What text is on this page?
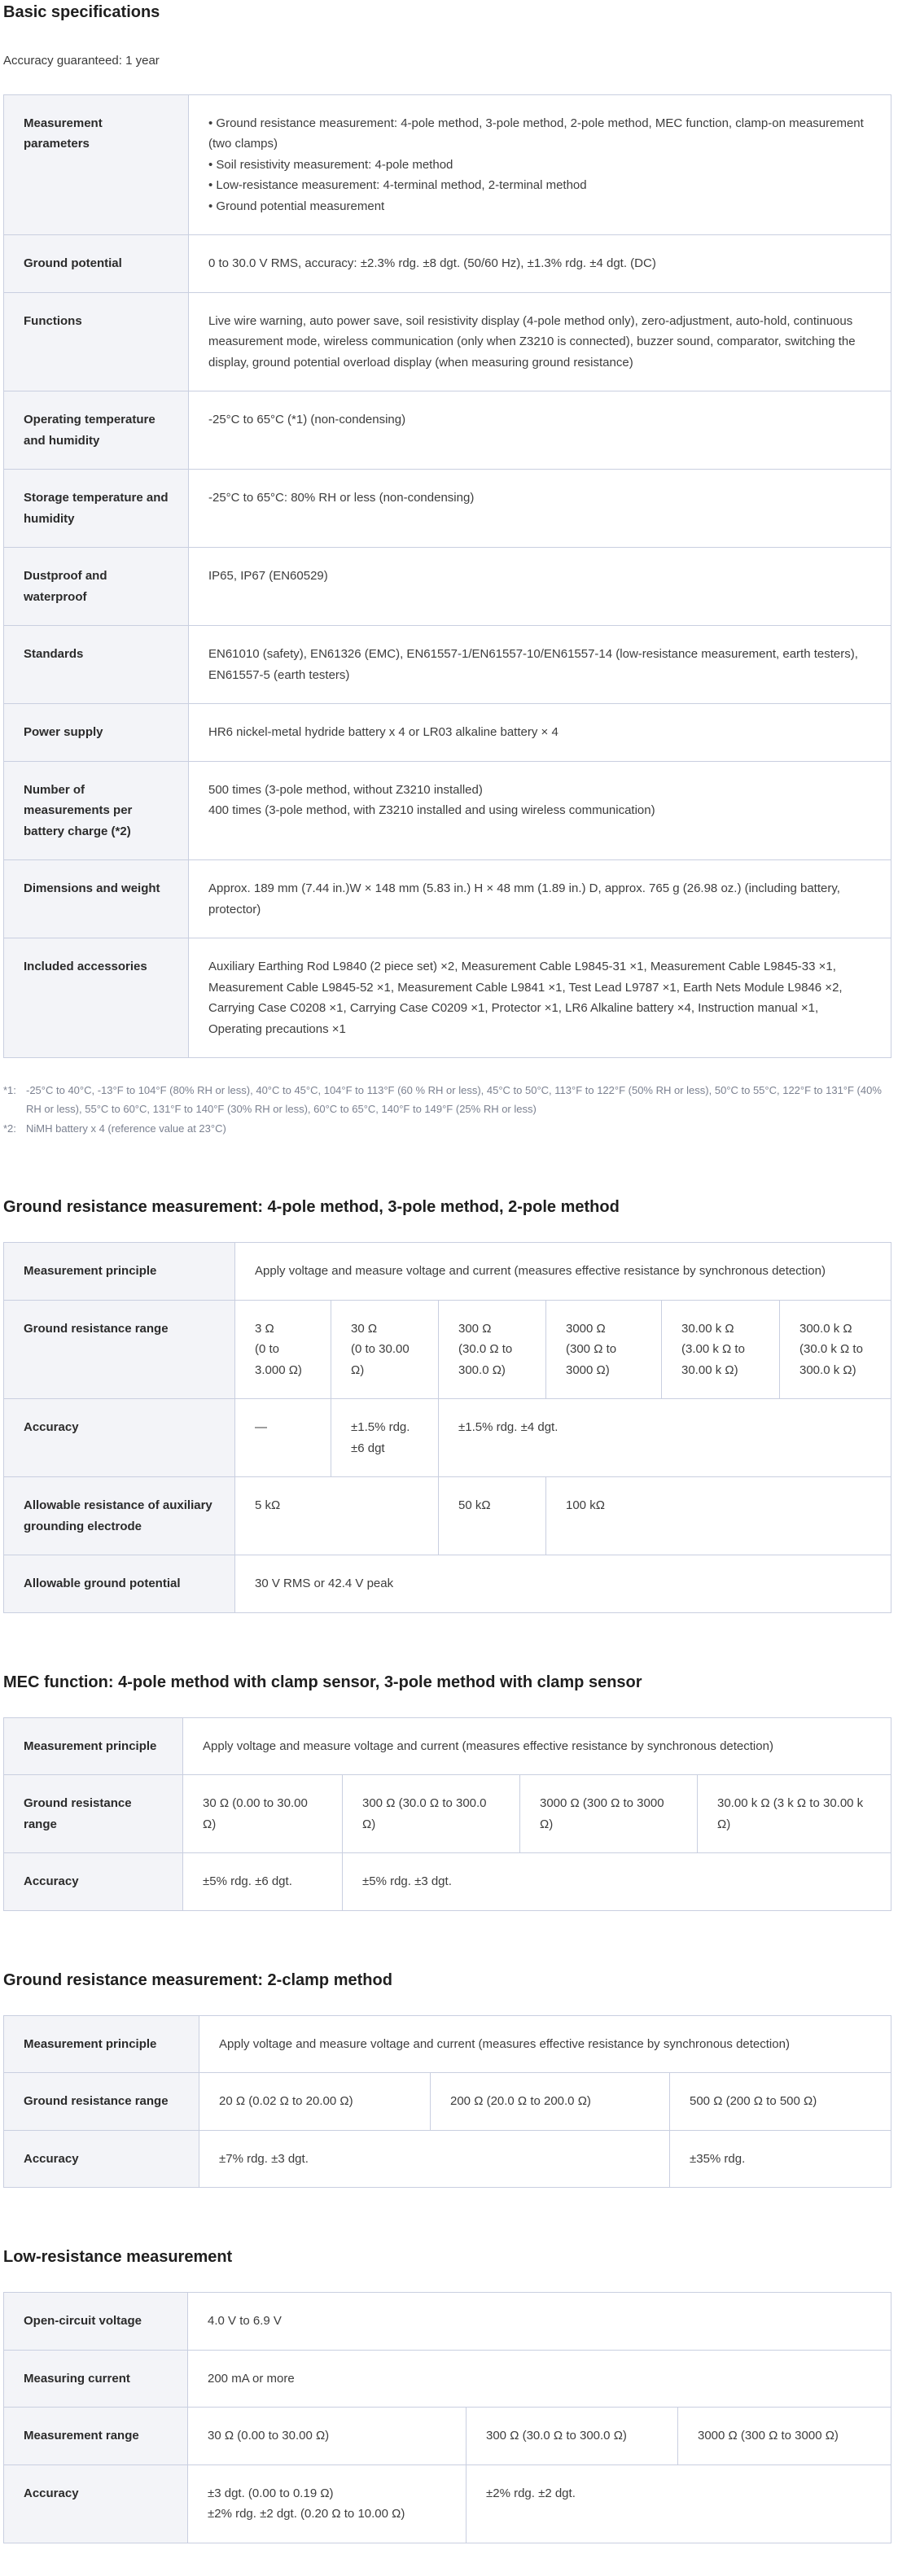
Basic specifications
Accuracy guaranteed: 1 year
Measurement parameters	• Ground resistance measurement: 4-pole method, 3-pole method, 2-pole method, MEC function, clamp-on measurement (two clamps)
• Soil resistivity measurement: 4-pole method
• Low-resistance measurement: 4-terminal method, 2-terminal method
• Ground potential measurement

Ground potential	0 to 30.0 V RMS, accuracy: ±2.3% rdg. ±8 dgt. (50/60 Hz), ±1.3% rdg. ±4 dgt. (DC)
Functions	Live wire warning, auto power save, soil resistivity display (4-pole method only), zero-adjustment, auto-hold, continuous measurement mode, wireless communication (only when Z3210 is connected), buzzer sound, comparator, switching the display, ground potential overload display (when measuring ground resistance)
Operating temperature and humidity	-25°C to 65°C (*1) (non-condensing)
Storage temperature and humidity	-25°C to 65°C: 80% RH or less (non-condensing)
Dustproof and waterproof	IP65, IP67 (EN60529)
Standards	EN61010 (safety), EN61326 (EMC), EN61557-1/EN61557-10/EN61557-14 (low-resistance measurement, earth testers), EN61557-5 (earth testers)
Power supply	HR6 nickel-metal hydride battery x 4 or LR03 alkaline battery × 4
Number of measurements per battery charge (*2)	500 times (3-pole method, without Z3210 installed)
400 times (3-pole method, with Z3210 installed and using wireless communication)

Dimensions and weight	Approx. 189 mm (7.44 in.)W × 148 mm (5.83 in.) H × 48 mm (1.89 in.) D, approx. 765 g (26.98 oz.) (including battery, protector)
Included accessories	Auxiliary Earthing Rod L9840 (2 piece set) ×2, Measurement Cable L9845-31 ×1, Measurement Cable L9845-33 ×1, Measurement Cable L9845-52 ×1, Measurement Cable L9841 ×1, Test Lead L9787 ×1, Earth Nets Module L9846 ×2, Carrying Case C0208 ×1, Carrying Case C0209 ×1, Protector ×1, LR6 Alkaline battery ×4, Instruction manual ×1, Operating precautions ×1
*1: -25°C to 40°C, -13°F to 104°F (80% RH or less), 40°C to 45°C, 104°F to 113°F (60 % RH or less), 45°C to 50°C, 113°F to 122°F (50% RH or less), 50°C to 55°C, 122°F to 131°F (40% RH or less), 55°C to 60°C, 131°F to 140°F (30% RH or less), 60°C to 65°C, 140°F to 149°F (25% RH or less)
*2: NiMH battery x 4 (reference value at 23°C)
Ground resistance measurement: 4-pole method, 3-pole method, 2-pole method
Measurement principle	Apply voltage and measure voltage and current (measures effective resistance by synchronous detection)					
Ground resistance range	3 Ω
(0 to
3.000 Ω)	30 Ω
(0 to 30.00
Ω)	300 Ω
(30.0 Ω to
300.0 Ω)	3000 Ω
(300 Ω to
3000 Ω)	30.00 k Ω
(3.00 k Ω to
30.00 k Ω)	300.0 k Ω
(30.0 k Ω to
300.0 k Ω)

Accuracy	—	±1.5% rdg.
±6 dgt	±1.5% rdg. ±4 dgt.			
Allowable resistance of auxiliary grounding electrode	5 kΩ		50 kΩ	100 kΩ		
Allowable ground potential	30 V RMS or 42.4 V peak					
MEC function: 4-pole method with clamp sensor, 3-pole method with clamp sensor
Measurement principle	Apply voltage and measure voltage and current (measures effective resistance by synchronous detection)			
Ground resistance range	30 Ω (0.00 to 30.00 Ω)	300 Ω (30.0 Ω to 300.0 Ω)	3000 Ω (300 Ω to 3000 Ω)	30.00 k Ω (3 k Ω to 30.00 k Ω)
Accuracy	±5% rdg. ±6 dgt.	±5% rdg. ±3 dgt.		
Ground resistance measurement: 2-clamp method
Measurement principle	Apply voltage and measure voltage and current (measures effective resistance by synchronous detection)		
Ground resistance range	20 Ω (0.02 Ω to 20.00 Ω)	200 Ω (20.0 Ω to 200.0 Ω)	500 Ω (200 Ω to 500 Ω)
Accuracy	±7% rdg. ±3 dgt.		±35% rdg.
Low-resistance measurement
Open-circuit voltage	4.0 V to 6.9 V		
Measuring current	200 mA or more		
Measurement range	30 Ω (0.00 to 30.00 Ω)	300 Ω (30.0 Ω to 300.0 Ω)	3000 Ω (300 Ω to 3000 Ω)
Accuracy	±3 dgt. (0.00 to 0.19 Ω)
±2% rdg. ±2 dgt. (0.20 Ω to 10.00 Ω)	±2% rdg. ±2 dgt.	
